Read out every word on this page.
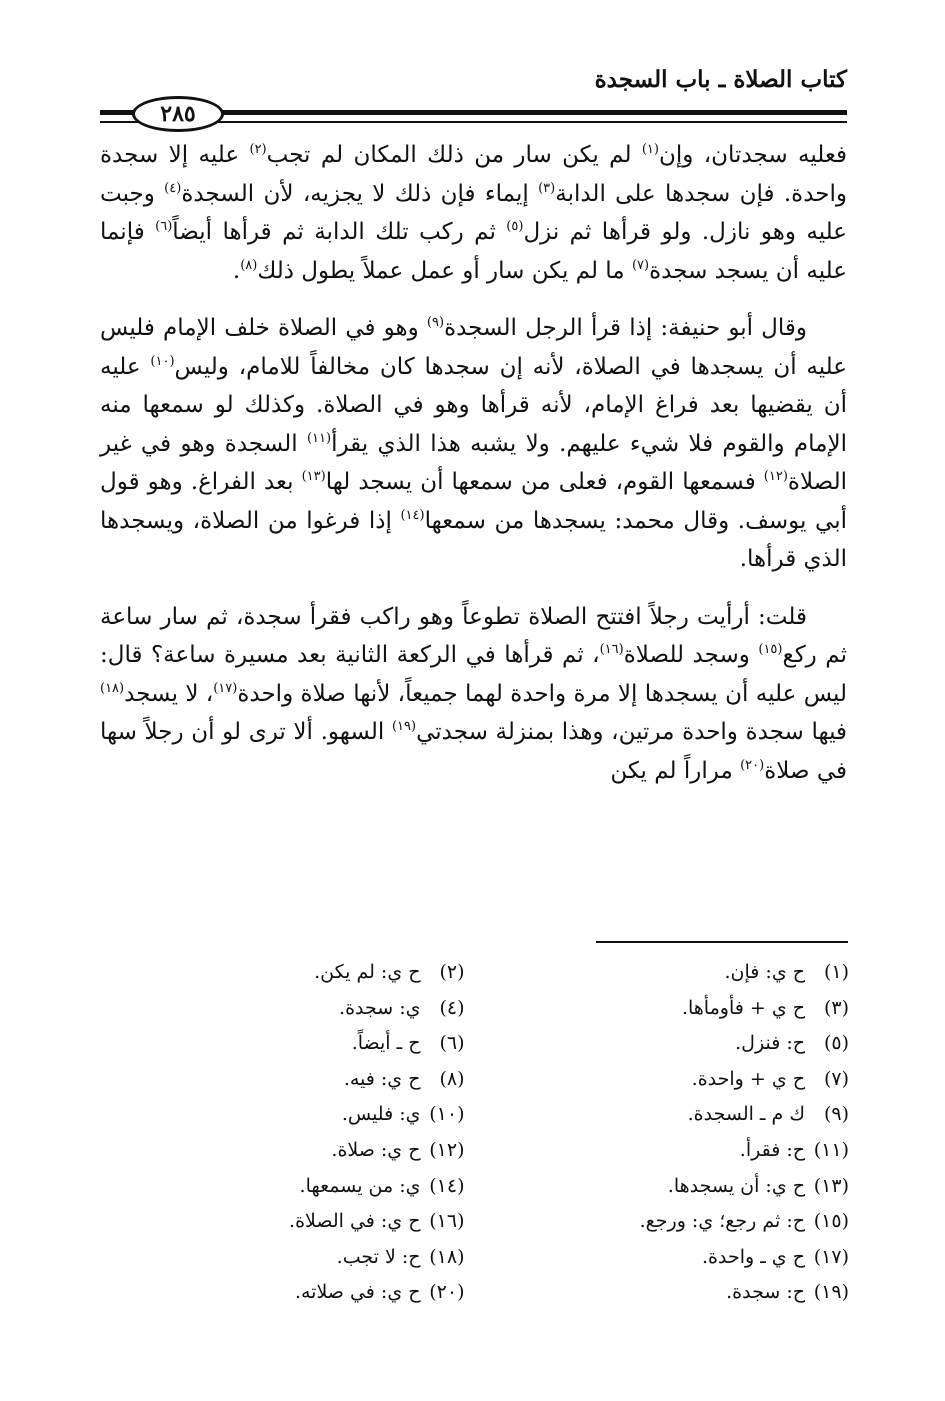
كتاب الصلاة ـ باب السجدة
٢٨٥

فعليه سجدتان، وإن$^{(١)}$ لم يكن سار من ذلك المكان لم تجب$^{(٢)}$ عليه إلا سجدة واحدة. فإن سجدها على الدابة$^{(٣)}$ إيماء فإن ذلك لا يجزيه، لأن السجدة$^{(٤)}$ وجبت عليه وهو نازل. ولو قرأها ثم نزل$^{(٥)}$ ثم ركب تلك الدابة ثم قرأها أيضاً$^{(٦)}$ فإنما عليه أن يسجد سجدة$^{(٧)}$ ما لم يكن سار أو عمل عملاً يطول ذلك$^{(٨)}$.

وقال أبو حنيفة: إذا قرأ الرجل السجدة$^{(٩)}$ وهو في الصلاة خلف الإمام فليس عليه أن يسجدها في الصلاة، لأنه إن سجدها كان مخالفاً للامام، وليس$^{(١٠)}$ عليه أن يقضيها بعد فراغ الإمام، لأنه قرأها وهو في الصلاة. وكذلك لو سمعها منه الإمام والقوم فلا شيء عليهم. ولا يشبه هذا الذي يقرأ$^{(١١)}$ السجدة وهو في غير الصلاة$^{(١٢)}$ فسمعها القوم، فعلى من سمعها أن يسجد لها$^{(١٣)}$ بعد الفراغ. وهو قول أبي يوسف. وقال محمد: يسجدها من سمعها$^{(١٤)}$ إذا فرغوا من الصلاة، ويسجدها الذي قرأها.

قلت: أرأيت رجلاً افتتح الصلاة تطوعاً وهو راكب فقرأ سجدة، ثم سار ساعة ثم ركع$^{(١٥)}$ وسجد للصلاة$^{(١٦)}$، ثم قرأها في الركعة الثانية بعد مسيرة ساعة؟ قال: ليس عليه أن يسجدها إلا مرة واحدة لهما جميعاً، لأنها صلاة واحدة$^{(١٧)}$، لا يسجد$^{(١٨)}$ فيها سجدة واحدة مرتين، وهذا بمنزلة سجدتي$^{(١٩)}$ السهو. ألا ترى لو أن رجلاً سها في صلاة$^{(٢٠)}$ مراراً لم يكن

(١)ح ي: فإن.
(٢)ح ي: لم يكن.
(٣)ح ي + فأومأها.
(٤)ي: سجدة.
(٥)ح: فنزل.
(٦)ح ـ أيضاً.
(٧)ح ي + واحدة.
(٨)ح ي: فيه.
(٩)ك م ـ السجدة.
(١٠)ي: فليس.
(١١)ح: فقرأ.
(١٢)ح ي: صلاة.
(١٣)ح ي: أن يسجدها.
(١٤)ي: من يسمعها.
(١٥)ح: ثم رجع؛ ي: ورجع.
(١٦)ح ي: في الصلاة.
(١٧)ح ي ـ واحدة.
(١٨)ح: لا تجب.
(١٩)ح: سجدة.
(٢٠)ح ي: في صلاته.
